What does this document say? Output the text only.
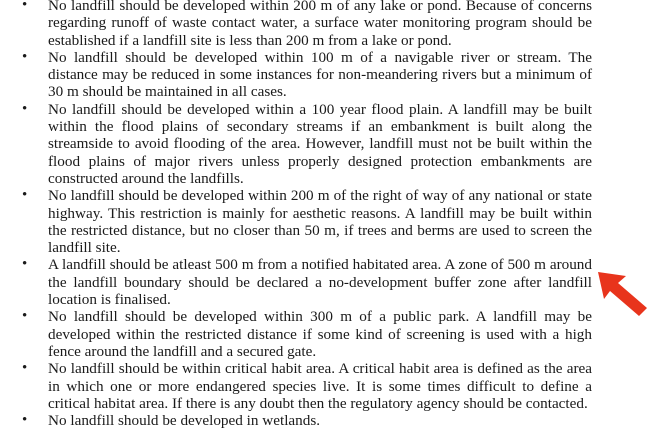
•	No landfill should be developed within 200 m of any lake or pond. Because of concerns regarding runoff of waste contact water, a surface water monitoring program should be established if a landfill site is less than 200 m from a lake or pond.
•	No landfill should be developed within 100 m of a navigable river or stream. The distance may be reduced in some instances for non-meandering rivers but a minimum of 30 m should be maintained in all cases.
•	No landfill should be developed within a 100 year flood plain. A landfill may be built within the flood plains of secondary streams if an embankment is built along the streamside to avoid flooding of the area. However, landfill must not be built within the flood plains of major rivers unless properly designed protection embankments are constructed around the landfills.
•	No landfill should be developed within 200 m of the right of way of any national or state highway. This restriction is mainly for aesthetic reasons. A landfill may be built within the restricted distance, but no closer than 50 m, if trees and berms are used to screen the landfill site.
•	A landfill should be atleast 500 m from a notified habitated area. A zone of 500 m around the landfill boundary should be declared a no-development buffer zone after landfill location is finalised.
•	No landfill should be developed within 300 m of a public park. A landfill may be developed within the restricted distance if some kind of screening is used with a high fence around the landfill and a secured gate.
•	No landfill should be within critical habit area. A critical habit area is defined as the area in which one or more endangered species live. It is some times difficult to define a critical habitat area. If there is any doubt then the regulatory agency should be contacted.
•	No landfill should be developed in wetlands.
